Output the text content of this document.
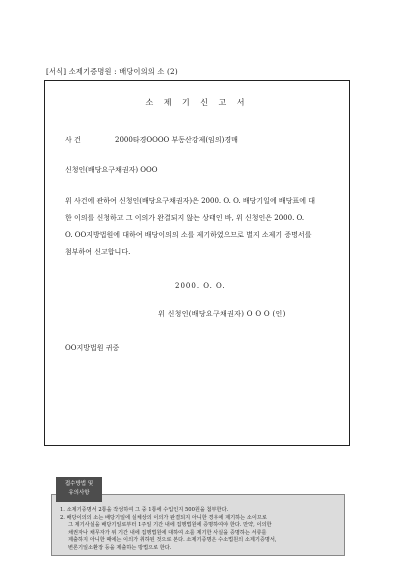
[서식] 소제기증명원 : 배당이의의 소 (2)
소 제 기 신 고 서
사 건	2000타경OOOO 부동산강제(임의)경매
신청인(배당요구채권자) OOO
위 사건에 관하여 신청인(배당요구채권자)은 2000. O. O. 배당기일에 배당표에 대
한 이의를 신청하고 그 이의가 완결되지 않는 상태인 바, 위 신청인은 2000. O.
O. OO지방법원에 대하여 배당이의의 소를 제기하였으므로 별지 소제기 증명서를
첨부하여 신고합니다.
2000. O. O.
위 신청인(배당요구채권자) O O O (인)
OO지방법원 귀중
1. 소제기증명서 2통을 작성하여 그 중 1통에 수입인지 500원을 첨부한다.
2. 배당이의의 소는 배당기일에 실체상의 이의가 완결되지 아니한 경우에 제기하는 소이므로
그 제기사실을 배당기일로부터 1주일 기간 내에 집행법원에 증명하여야 한다. 만약, 이의한
채권자나 채무자가 위 기간 내에 집행법원에 대하여 소를 제기한 사실을 증명하는 서류를
제출하지 아니한 때에는 이의가 취하된 것으로 본다. 소제기증명은 수소법원의 소제기증명서,
변론기일소환장 등을 제출하는 방법으로 한다.
접수방법 및
유의사항
